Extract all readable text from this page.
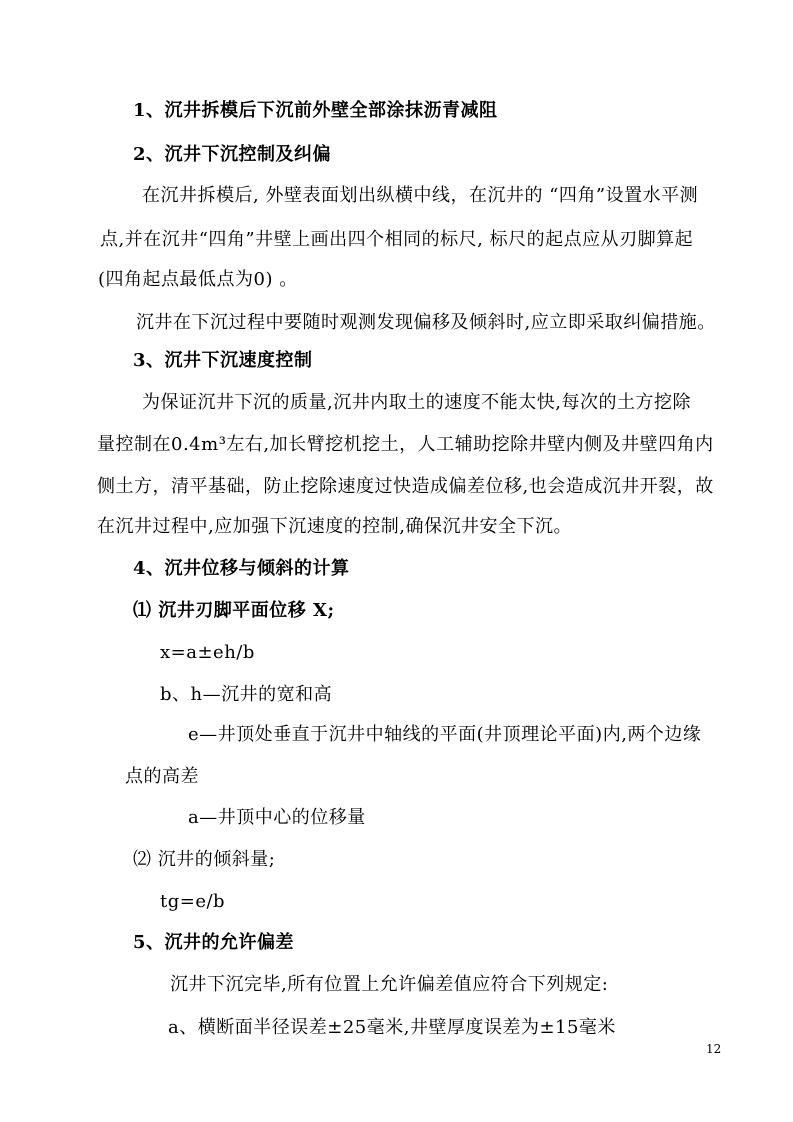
1、沉井拆模后下沉前外壁全部涂抹沥青减阻
2、沉井下沉控制及纠偏
在沉井拆模后, 外壁表面划出纵横中线，在沉井的 “四角”设置水平测
点,并在沉井“四角”井壁上画出四个相同的标尺, 标尺的起点应从刃脚算起
(四角起点最低点为0) 。
沉井在下沉过程中要随时观测发现偏移及倾斜时,应立即采取纠偏措施。
3、沉井下沉速度控制
为保证沉井下沉的质量,沉井内取土的速度不能太快,每次的土方挖除
量控制在0.4m³左右,加长臂挖机挖土，人工辅助挖除井壁内侧及井壁四角内
侧土方，清平基础，防止挖除速度过快造成偏差位移,也会造成沉井开裂，故
在沉井过程中,应加强下沉速度的控制,确保沉井安全下沉。
4、沉井位移与倾斜的计算
⑴ 沉井刃脚平面位移 X;
x=a±eh/b
b、h—沉井的宽和高
e—井顶处垂直于沉井中轴线的平面(井顶理论平面)内,两个边缘
点的高差
a—井顶中心的位移量
⑵ 沉井的倾斜量;
tg=e/b
5、沉井的允许偏差
沉井下沉完毕,所有位置上允许偏差值应符合下列规定:
a、横断面半径误差±25毫米,井壁厚度误差为±15毫米
12
